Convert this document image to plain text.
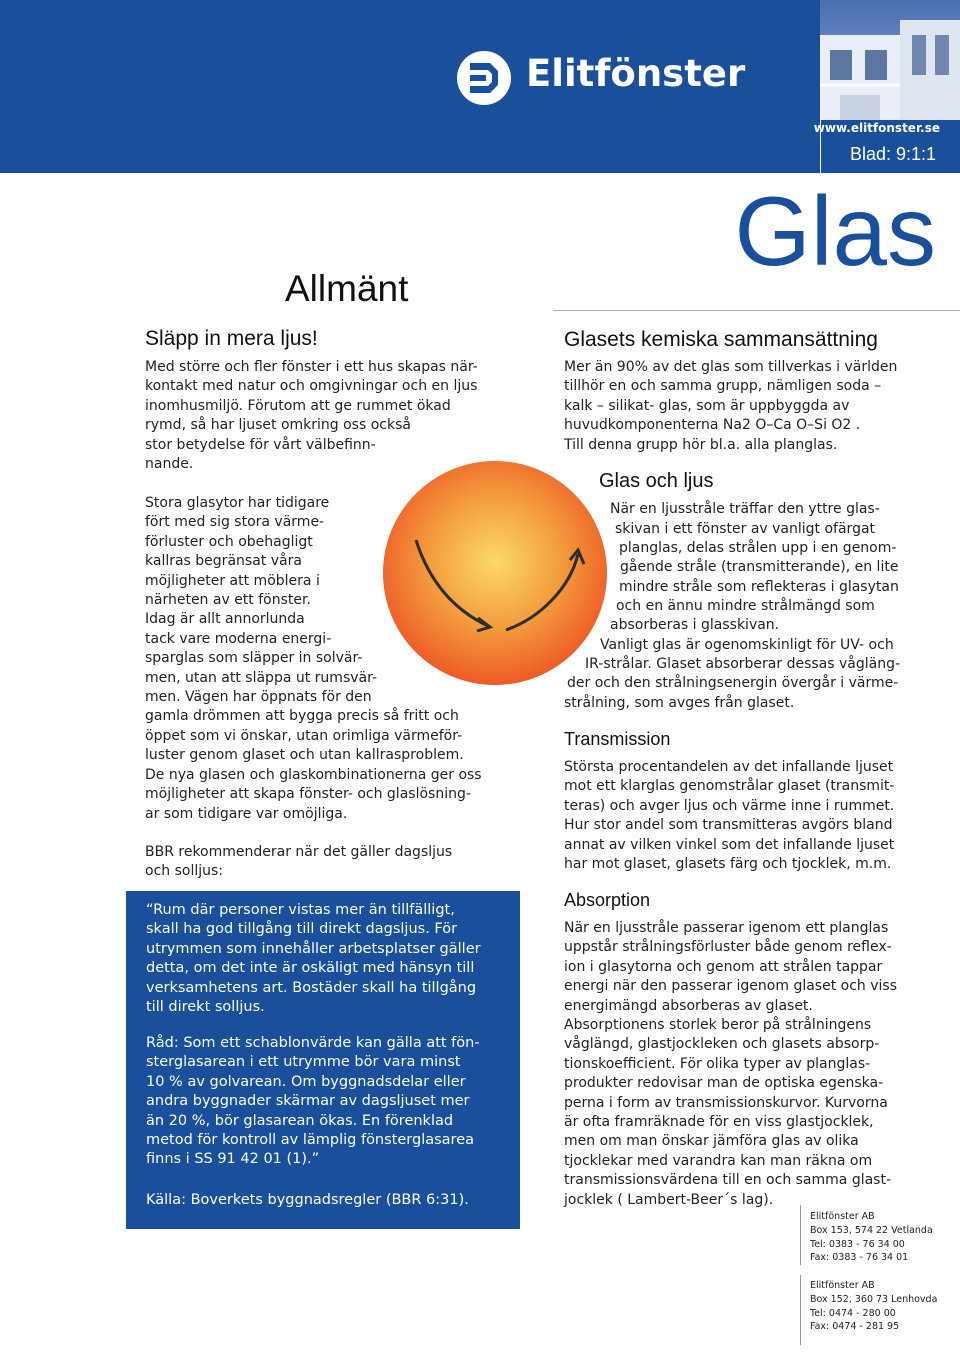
Elitfönster
www.elitfonster.se
Blad: 9:1:1
Glas
Allmänt
Släpp in mera ljus!
Med större och fler fönster i ett hus skapas när-
kontakt med natur och omgivningar och en ljus
inomhusmiljö. Förutom att ge rummet ökad
rymd, så har ljuset omkring oss också
stor betydelse för vårt välbefinn-
nande.
Stora glasytor har tidigare
fört med sig stora värme-
förluster och obehagligt
kallras begränsat våra
möjligheter att möblera i
närheten av ett fönster.
Idag är allt annorlunda
tack vare moderna energi-
sparglas som släpper in solvär-
men, utan att släppa ut rumsvär-
men. Vägen har öppnats för den
gamla drömmen att bygga precis så fritt och
öppet som vi önskar, utan orimliga värmeför-
luster genom glaset och utan kallrasproblem.
De nya glasen och glaskombinationerna ger oss
möjligheter att skapa fönster- och glaslösning-
ar som tidigare var omöjliga.
BBR rekommenderar när det gäller dagsljus
och solljus:
“Rum där personer vistas mer än tillfälligt,
skall ha god tillgång till direkt dagsljus. För
utrymmen som innehåller arbetsplatser gäller
detta, om det inte är oskäligt med hänsyn till
verksamhetens art. Bostäder skall ha tillgång
till direkt solljus.
Råd: Som ett schablonvärde kan gälla att fön-
sterglasarean i ett utrymme bör vara minst
10 % av golvarean. Om byggnadsdelar eller
andra byggnader skärmar av dagsljuset mer
än 20 %, bör glasarean ökas. En förenklad
metod för kontroll av lämplig fönsterglasarea
finns i SS 91 42 01 (1).”
Källa: Boverkets byggnadsregler (BBR 6:31).
Glasets kemiska sammansättning
Mer än 90% av det glas som tillverkas i världen
tillhör en och samma grupp, nämligen soda –
kalk – silikat- glas, som är uppbyggda av
huvudkomponenterna Na2 O–Ca O–Si O2 .
Till denna grupp hör bl.a. alla planglas.
Glas och ljus
När en ljusstråle träffar den yttre glas-
skivan i ett fönster av vanligt ofärgat
planglas, delas strålen upp i en genom-
gående stråle (transmitterande), en lite
mindre stråle som reflekteras i glasytan
och en ännu mindre strålmängd som
absorberas i glasskivan.
Vanligt glas är ogenomskinligt för UV- och
IR-strålar. Glaset absorberar dessas vågläng-
der och den strålningsenergin övergår i värme-
strålning, som avges från glaset.
Transmission
Största procentandelen av det infallande ljuset
mot ett klarglas genomstrålar glaset (transmit-
teras) och avger ljus och värme inne i rummet.
Hur stor andel som transmitteras avgörs bland
annat av vilken vinkel som det infallande ljuset
har mot glaset, glasets färg och tjocklek, m.m.
Absorption
När en ljusstråle passerar igenom ett planglas
uppstår strålningsförluster både genom reflex-
ion i glasytorna och genom att strålen tappar
energi när den passerar igenom glaset och viss
energimängd absorberas av glaset.
Absorptionens storlek beror på strålningens
våglängd, glastjockleken och glasets absorp-
tionskoefficient. För olika typer av planglas-
produkter redovisar man de optiska egenska-
perna i form av transmissionskurvor. Kurvorna
är ofta framräknade för en viss glastjocklek,
men om man önskar jämföra glas av olika
tjocklekar med varandra kan man räkna om
transmissionsvärdena till en och samma glast-
jocklek ( Lambert-Beer´s lag).
Elitfönster AB
Box 153, 574 22 Vetlanda
Tel: 0383 - 76 34 00
Fax: 0383 - 76 34 01
Elitfönster AB
Box 152, 360 73 Lenhovda
Tel: 0474 - 280 00
Fax: 0474 - 281 95
